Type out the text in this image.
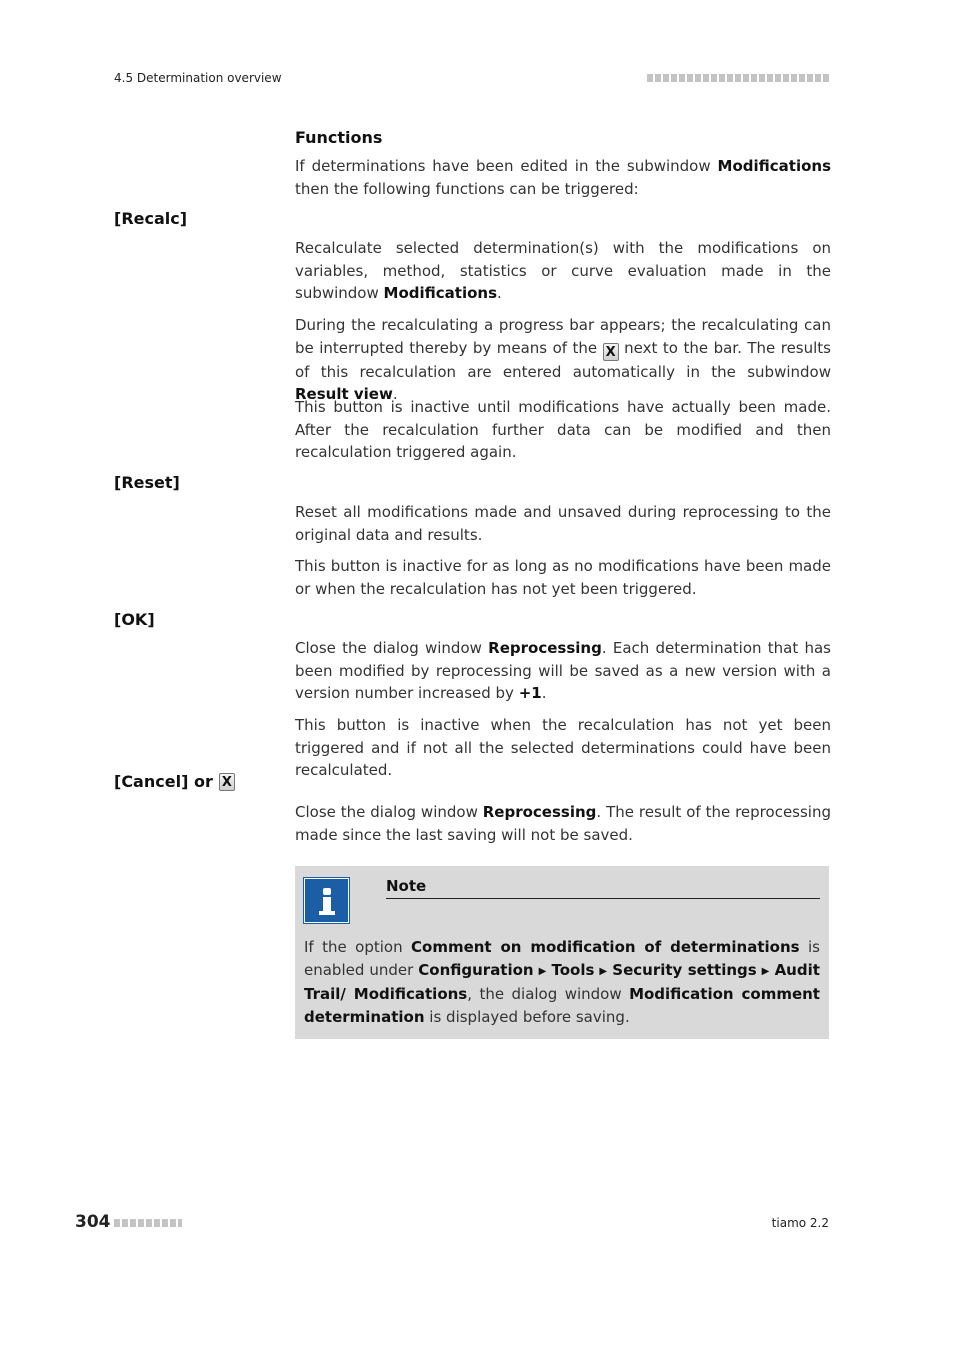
4.5 Determination overview
Functions

If determinations have been edited in the subwindow Modifications then the following functions can be triggered:

[Recalc]

Recalculate selected determination(s) with the modifications on variables, method, statistics or curve evaluation made in the subwindow Modifications.

During the recalculating a progress bar appears; the recalculating can be interrupted thereby by means of the X next to the bar. The results of this recalculation are entered automatically in the subwindow Result view.

This button is inactive until modifications have actually been made. After the recalculation further data can be modified and then recalculation triggered again.

[Reset]

Reset all modifications made and unsaved during reprocessing to the original data and results.

This button is inactive for as long as no modifications have been made or when the recalculation has not yet been triggered.

[OK]

Close the dialog window Reprocessing. Each determination that has been modified by reprocessing will be saved as a new version with a version number increased by +1.

This button is inactive when the recalculation has not yet been triggered and if not all the selected determinations could have been recalculated.

[Cancel] or X

Close the dialog window Reprocessing. The result of the reprocessing made since the last saving will not be saved.

Note

If the option Comment on modification of determinations is enabled under Configuration ▶ Tools ▶ Security settings ▶ Audit Trail/ Modifications, the dialog window Modification comment determination is displayed before saving.

304	tiamo 2.2
